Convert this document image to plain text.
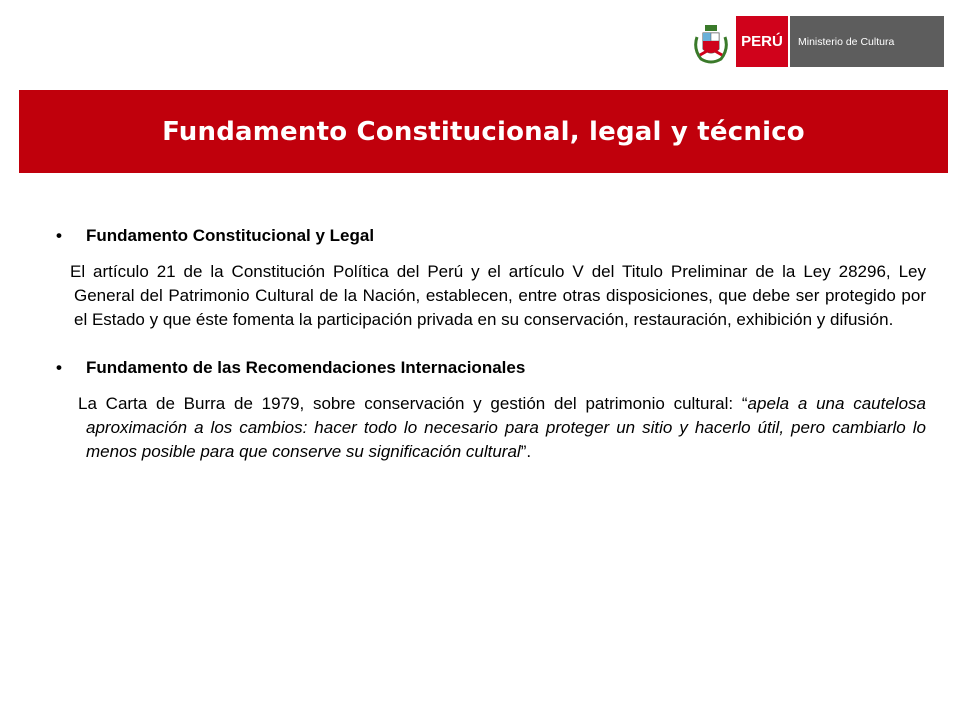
PERÚ	Ministerio de Cultura
Fundamento Constitucional, legal y técnico
•	Fundamento Constitucional y Legal

El artículo 21 de la Constitución Política del Perú y el artículo V del Titulo Preliminar de la Ley 28296, Ley General del Patrimonio Cultural de la Nación, establecen, entre otras disposiciones, que debe ser protegido por el Estado y que éste fomenta la participación privada en su conservación, restauración, exhibición y difusión.

•	Fundamento de las Recomendaciones Internacionales

La Carta de Burra de 1979, sobre conservación y gestión del patrimonio cultural: “apela a una cautelosa aproximación a los cambios: hacer todo lo necesario para proteger un sitio y hacerlo útil, pero cambiarlo lo menos posible para que conserve su significación cultural”.
